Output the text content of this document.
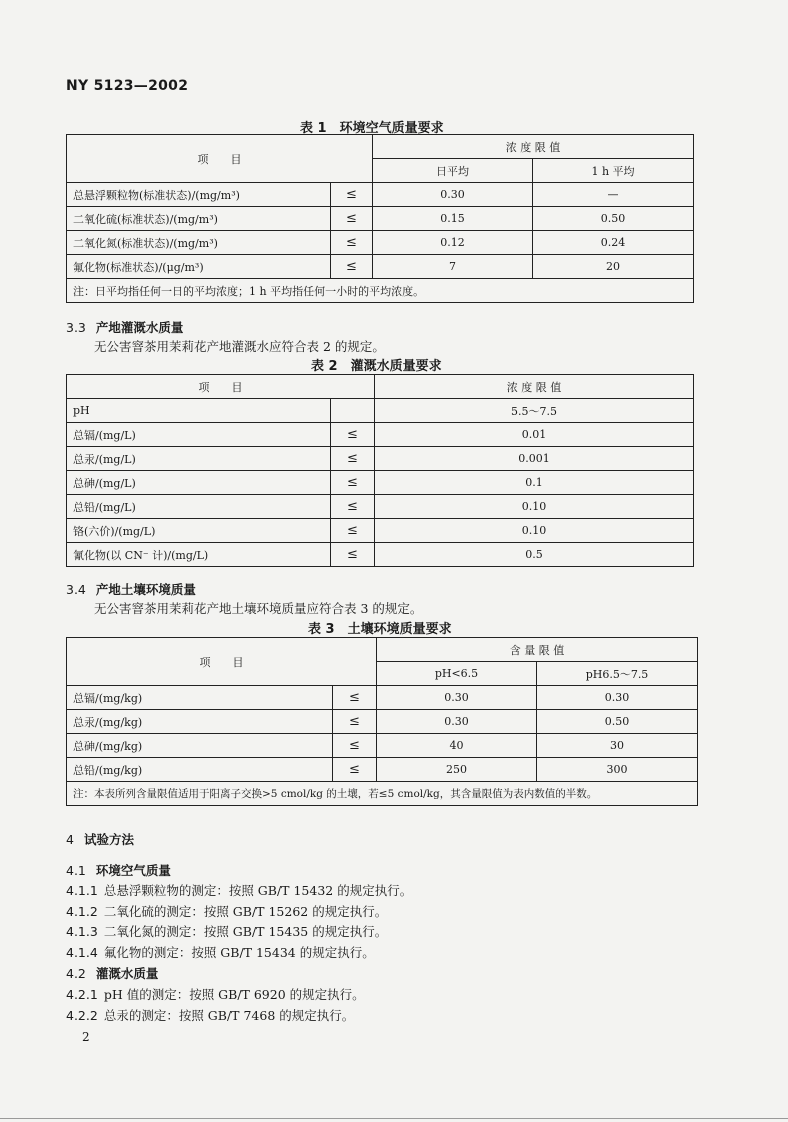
NY 5123—2002
表 1　环境空气质量要求
项　　目		浓 度 限 值	
		日平均	1 h 平均
总悬浮颗粒物(标准状态)/(mg/m³)	≤	0.30	—
二氧化硫(标准状态)/(mg/m³)	≤	0.15	0.50
二氧化氮(标准状态)/(mg/m³)	≤	0.12	0.24
氟化物(标准状态)/(μg/m³)	≤	7	20
注：日平均指任何一日的平均浓度；1 h 平均指任何一小时的平均浓度。			
3.3 产地灌溉水质量
无公害窨茶用茉莉花产地灌溉水应符合表 2 的规定。
表 2　灌溉水质量要求
项　　目		浓 度 限 值
pH		5.5～7.5
总镉/(mg/L)	≤	0.01
总汞/(mg/L)	≤	0.001
总砷/(mg/L)	≤	0.1
总铅/(mg/L)	≤	0.10
铬(六价)/(mg/L)	≤	0.10
氰化物(以 CN⁻ 计)/(mg/L)	≤	0.5
3.4 产地土壤环境质量
无公害窨茶用茉莉花产地土壤环境质量应符合表 3 的规定。
表 3　土壤环境质量要求
项　　目		含 量 限 值	
		pH<6.5	pH6.5～7.5
总镉/(mg/kg)	≤	0.30	0.30
总汞/(mg/kg)	≤	0.30	0.50
总砷/(mg/kg)	≤	40	30
总铅/(mg/kg)	≤	250	300
注：本表所列含量限值适用于阳离子交换>5 cmol/kg 的土壤，若≤5 cmol/kg，其含量限值为表内数值的半数。			
4 试验方法
4.1 环境空气质量
4.1.1 总悬浮颗粒物的测定：按照 GB/T 15432 的规定执行。
4.1.2 二氧化硫的测定：按照 GB/T 15262 的规定执行。
4.1.3 二氧化氮的测定：按照 GB/T 15435 的规定执行。
4.1.4 氟化物的测定：按照 GB/T 15434 的规定执行。
4.2 灌溉水质量
4.2.1 pH 值的测定：按照 GB/T 6920 的规定执行。
4.2.2 总汞的测定：按照 GB/T 7468 的规定执行。
2
